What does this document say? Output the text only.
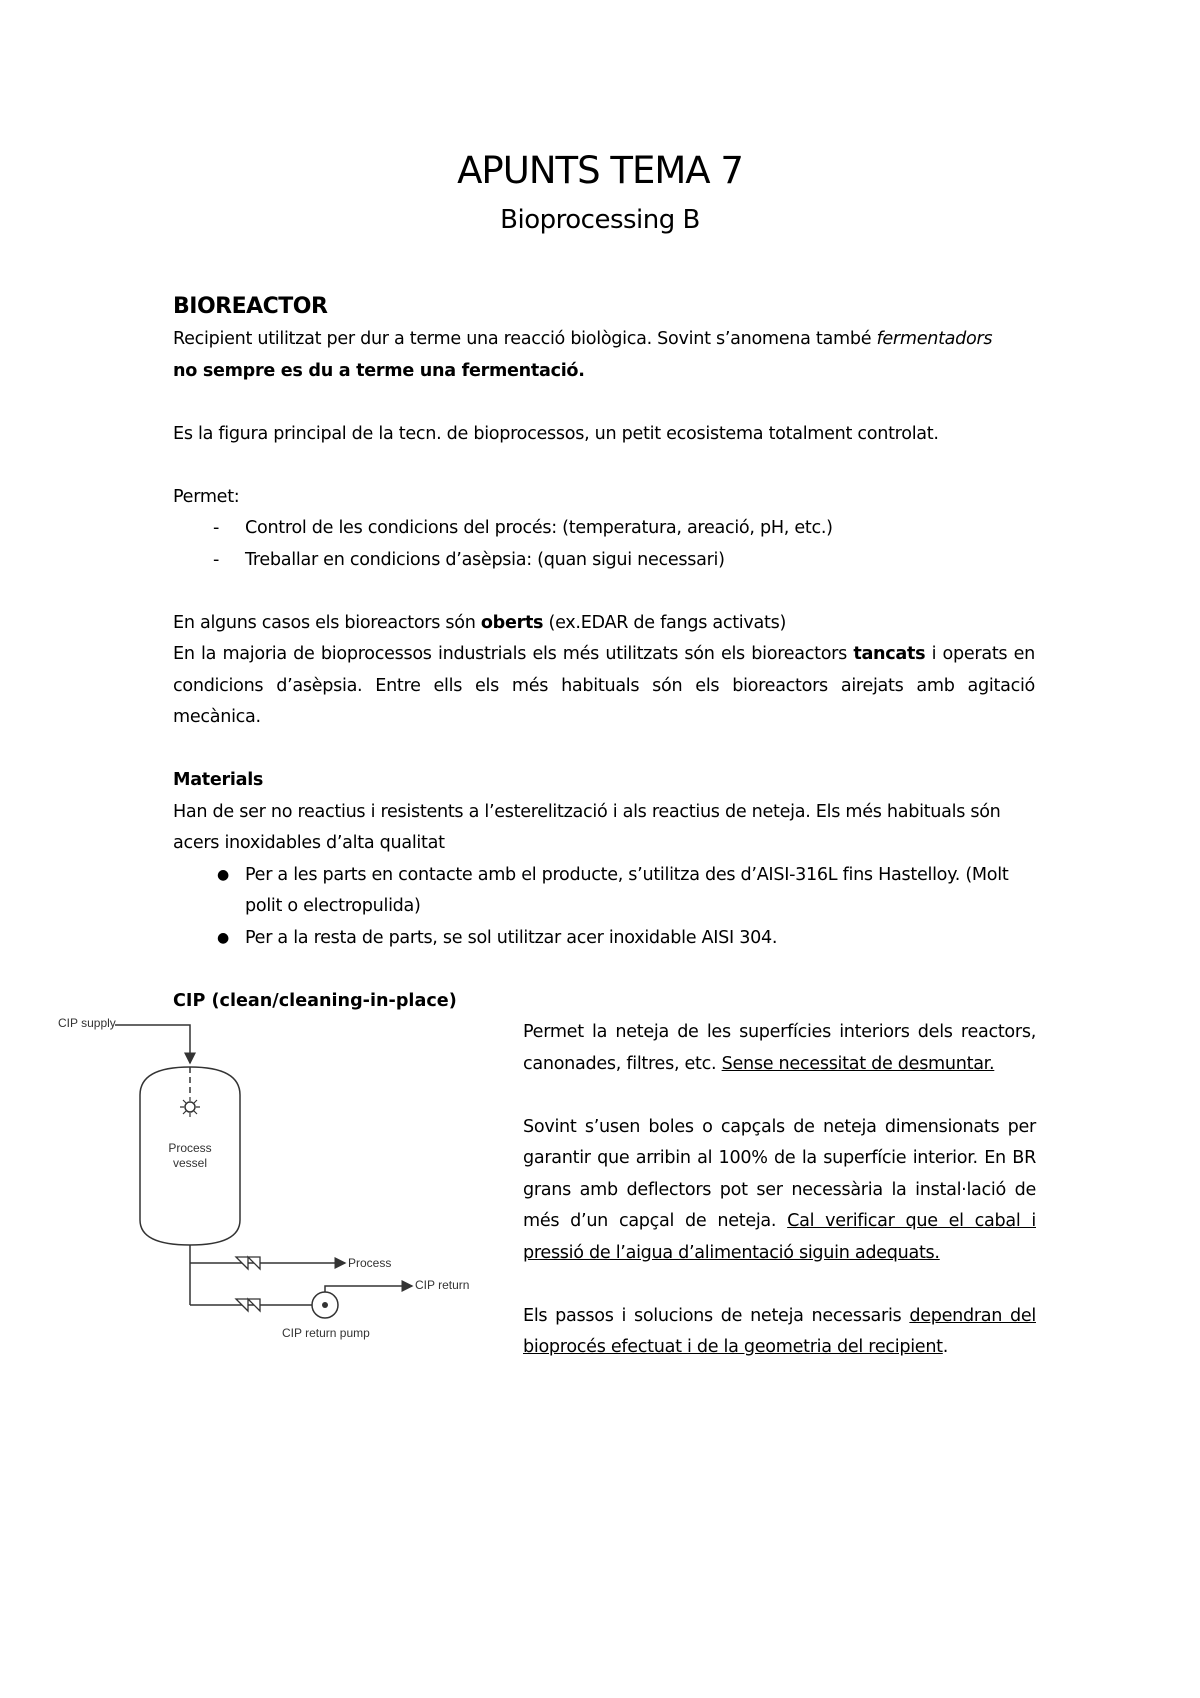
APUNTS TEMA 7
Bioprocessing B
BIOREACTOR

Recipient utilitzat per dur a terme una reacció biològica. Sovint s’anomena també fermentadors
no sempre es du a terme una fermentació.

Es la figura principal de la tecn. de bioprocessos, un petit ecosistema totalment controlat.

Permet:

- Control de les condicions del procés: (temperatura, areació, pH, etc.)
- Treballar en condicions d’asèpsia: (quan sigui necessari)

En alguns casos els bioreactors són oberts (ex.EDAR de fangs activats)

En la majoria de bioprocessos industrials els més utilitzats són els bioreactors tancats i operats en condicions d’asèpsia. Entre ells els més habituals són els bioreactors airejats amb agitació mecànica.

Materials

Han de ser no reactius i resistents a l’esterelització i als reactius de neteja. Els més habituals són acers inoxidables d’alta qualitat

● Per a les parts en contacte amb el producte, s’utilitza des d’AISI-316L fins Hastelloy. (Molt polit o electropulida)
● Per a la resta de parts, se sol utilitzar acer inoxidable AISI 304.
CIP (clean/cleaning-in-place)
CIP supply
Process
vessel
Process
CIP return
CIP return pump

Permet la neteja de les superfícies interiors dels reactors, canonades, filtres, etc. Sense necessitat de desmuntar.

Sovint s’usen boles o capçals de neteja dimensionats per garantir que arribin al 100% de la superfície interior. En BR grans amb deflectors pot ser necessària la instal·lació de més d’un capçal de neteja. Cal verificar que el cabal i pressió de l’aigua d’alimentació siguin adequats.

Els passos i solucions de neteja necessaris dependran del bioprocés efectuat i de la geometria del recipient.
